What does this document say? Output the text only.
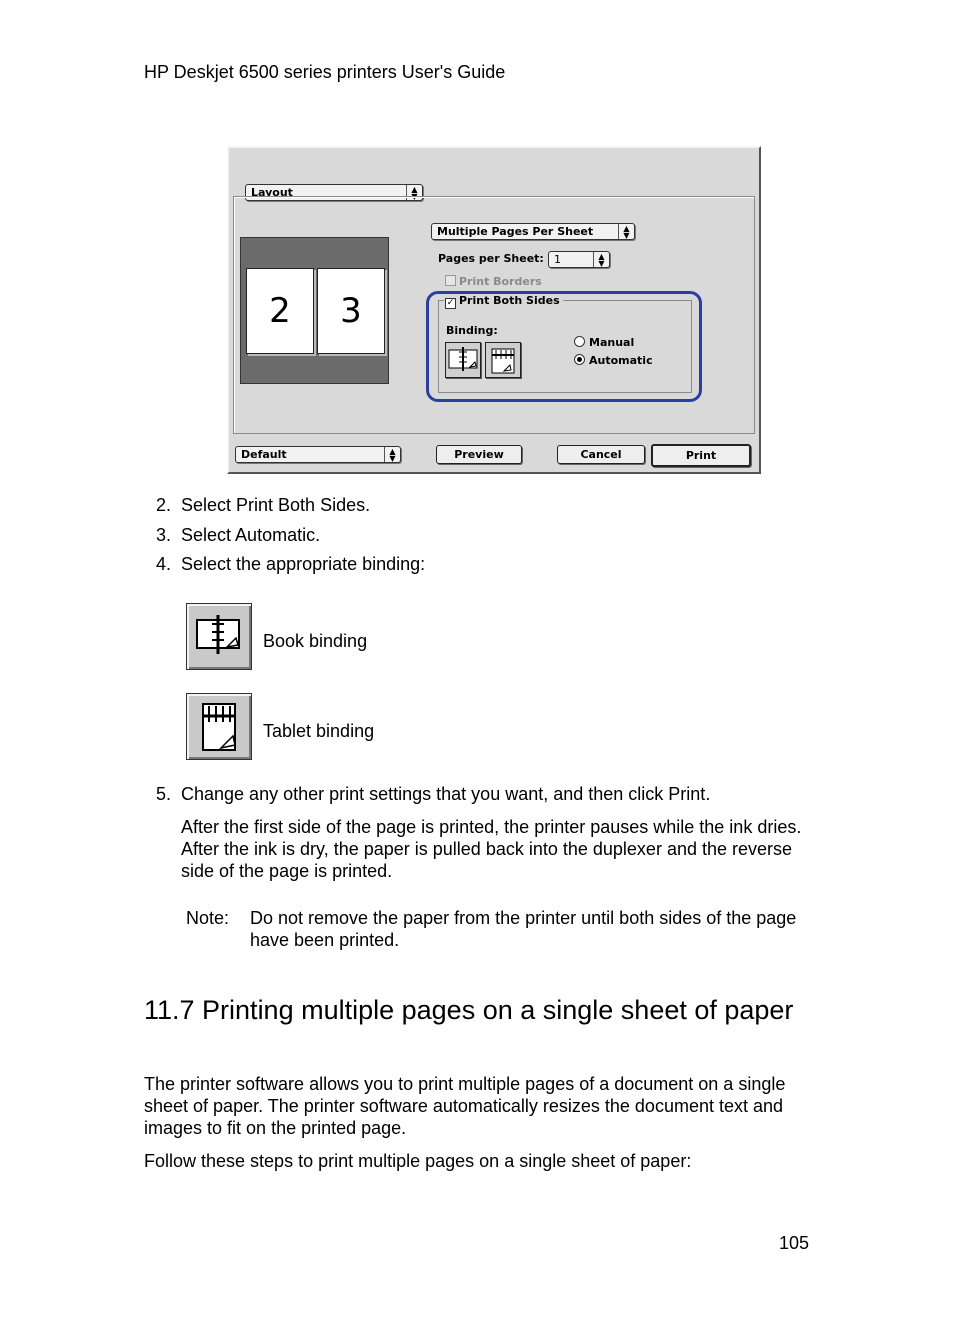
HP Deskjet 6500 series printers User's Guide
Layout	▲
▼
2	3
Multiple Pages Per Sheet	▲
▼
Pages per Sheet: 1	▲
▼
Print Borders
✓ Print Both Sides
Binding:
Manual
Automatic
Default	▲
▼	Preview	Cancel	Print
2. Select Print Both Sides.
3. Select Automatic.
4. Select the appropriate binding:
Book binding
Tablet binding
5. Change any other print settings that you want, and then click Print.
After the first side of the page is printed, the printer pauses while the ink dries. After the ink is dry, the paper is pulled back into the duplexer and the reverse side of the page is printed.
Note: Do not remove the paper from the printer until both sides of the page have been printed.
11.7 Printing multiple pages on a single sheet of paper
The printer software allows you to print multiple pages of a document on a single sheet of paper. The printer software automatically resizes the document text and images to fit on the printed page.
Follow these steps to print multiple pages on a single sheet of paper:
105
